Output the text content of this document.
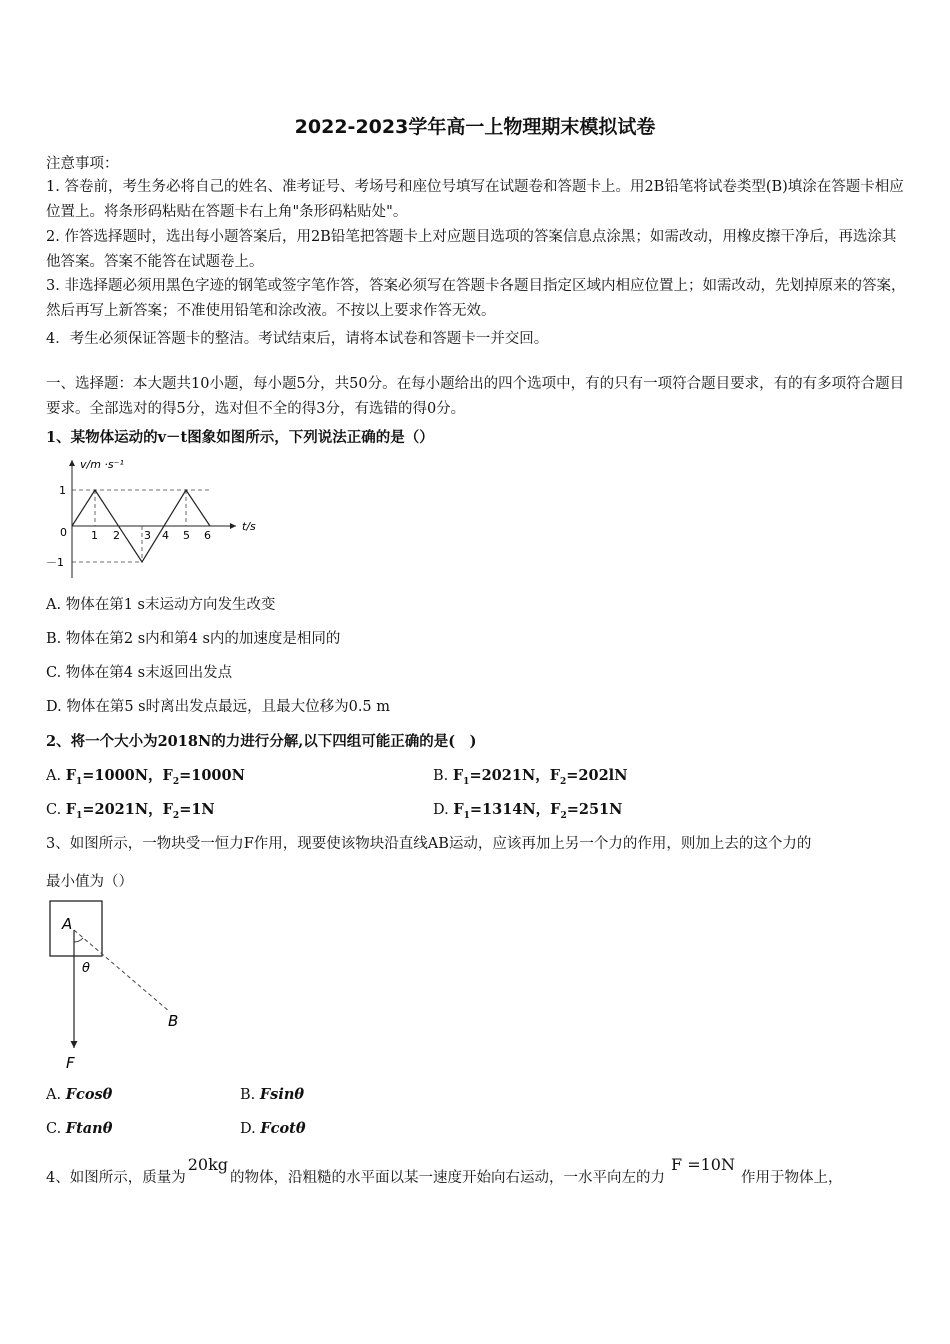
2022-2023学年高一上物理期末模拟试卷
注意事项：
1. 答卷前，考生务必将自己的姓名、准考证号、考场号和座位号填写在试题卷和答题卡上。用2B铅笔将试卷类型(B)填涂在答题卡相应位置上。将条形码粘贴在答题卡右上角"条形码粘贴处"。
2. 作答选择题时，选出每小题答案后，用2B铅笔把答题卡上对应题目选项的答案信息点涂黑；如需改动，用橡皮擦干净后，再选涂其他答案。答案不能答在试题卷上。
3. 非选择题必须用黑色字迹的钢笔或签字笔作答，答案必须写在答题卡各题目指定区域内相应位置上；如需改动，先划掉原来的答案，然后再写上新答案；不准使用铅笔和涂改液。不按以上要求作答无效。
4．考生必须保证答题卡的整洁。考试结束后，请将本试卷和答题卡一并交回。
一、选择题：本大题共10小题，每小题5分，共50分。在每小题给出的四个选项中，有的只有一项符合题目要求，有的有多项符合题目要求。全部选对的得5分，选对但不全的得3分，有选错的得0分。
1、某物体运动的v－t图象如图所示，下列说法正确的是（）
v/m ·s⁻¹
t/s
0
1
－1
1 2 3 4 5 6
A. 物体在第1 s末运动方向发生改变
B. 物体在第2 s内和第4 s内的加速度是相同的
C. 物体在第4 s末返回出发点
D. 物体在第5 s时离出发点最远，且最大位移为0.5 m
2、将一个大小为2018N的力进行分解,以下四组可能正确的是(　)
A. $F_1=1000N$，$F_2=1000N$	B. $F_1=2021N$，$F_2=202lN$
C. $F_1=2021N$，$F_2=1N$	D. $F_1=1314N$，$F_2=251N$
3、如图所示，一物块受一恒力F作用，现要使该物块沿直线AB运动，应该再加上另一个力的作用，则加上去的这个力的
最小值为（）
A
θ
B
F
A. Fcosθ	B. Fsinθ
C. Ftanθ	D. Fcotθ
4、如图所示，质量为20kg的物体，沿粗糙的水平面以某一速度开始向右运动，一水平向左的力F =10N作用于物体上，
